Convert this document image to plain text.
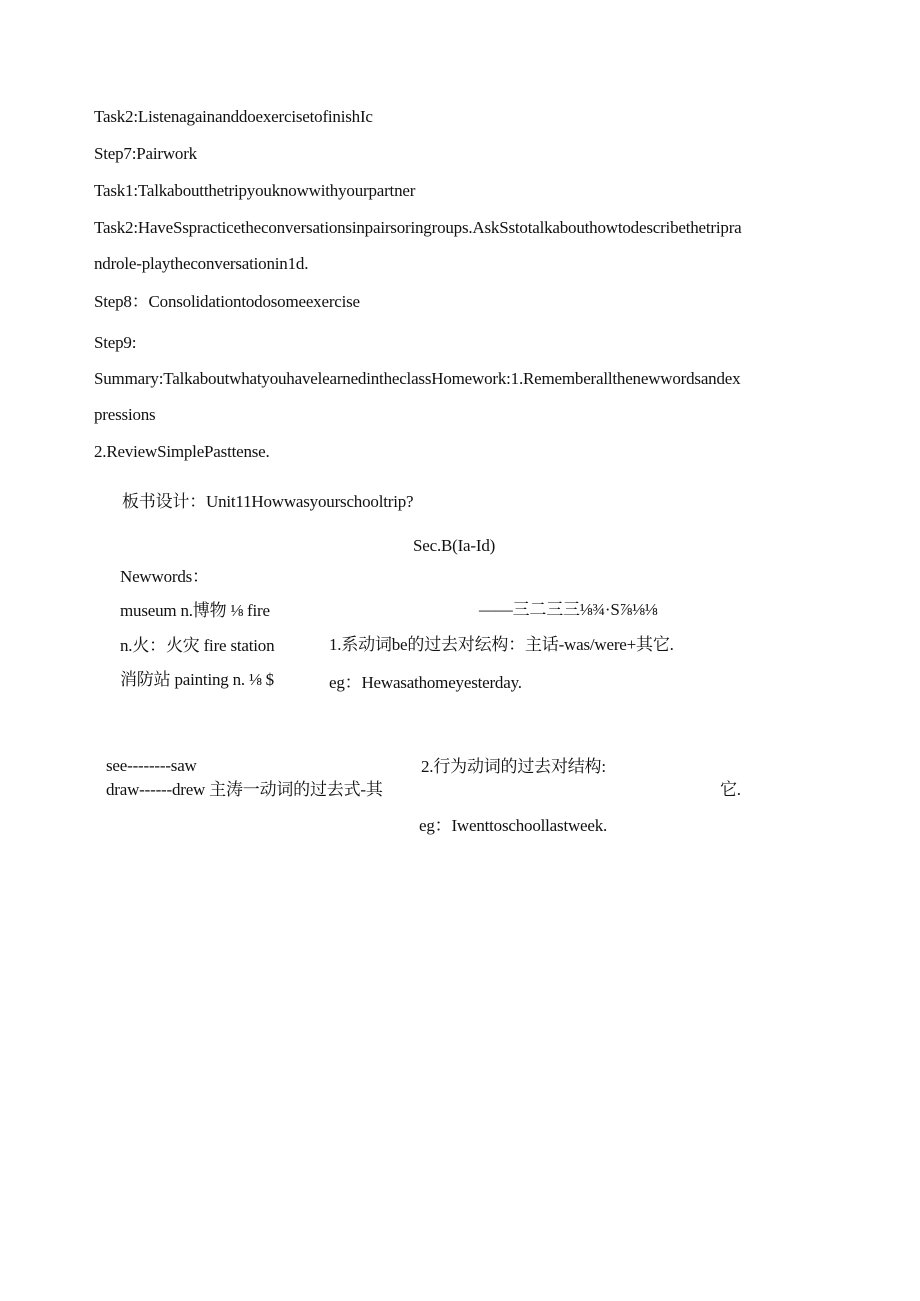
Task2:ListenagainanddoexercisetofinishIc
Step7:Pairwork
Task1:Talkaboutthetripyouknowwithyourpartner
Task2:HaveSspracticetheconversationsinpairsoringroups.AskSstotalkabouthowtodescribethetripra
ndrole-playtheconversationin1d.
Step8：Consolidationtodosomeexercise
Step9:
Summary:TalkaboutwhatyouhavelearnedintheclassHomework:1.Rememberallthenewwordsandex
pressions
2.ReviewSimplePasttense.
板书设计：Unit11Howwasyourschooltrip?
Sec.B(Ia-Id)
Newwords：
museum n.博物 ⅛ fire
n.火：火灾 fire station
消防站 painting n. ⅛ $
——三二三三⅛¾·S⅞⅛⅛
1.系动词be的过去对纭构：主话-was/were+其它.
eg：Hewasathomeyesterday.
see--------saw
draw------drew 主涛一动词的过去式-其
2.行为动词的过去对结构:
它.
eg：Iwenttoschoollastweek.
